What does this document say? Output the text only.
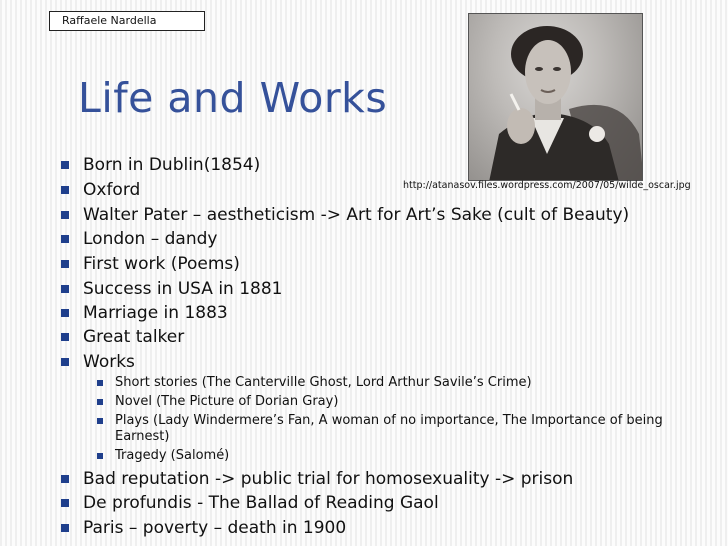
Raffaele Nardella
Life and Works
http://atanasov.files.wordpress.com/2007/05/wilde_oscar.jpg
Born in Dublin(1854)
Oxford
Walter Pater – aestheticism -> Art for Art’s Sake (cult of Beauty)
London – dandy
First work (Poems)
Success in USA in 1881
Marriage in 1883
Great talker
Works
Short stories (The Canterville Ghost, Lord Arthur Savile’s Crime)
Novel (The Picture of Dorian Gray)
Plays (Lady Windermere’s Fan, A woman of no importance, The Importance of being Earnest)
Tragedy (Salomé)
Bad reputation -> public trial for homosexuality -> prison
De profundis - The Ballad of Reading Gaol
Paris – poverty – death in 1900
